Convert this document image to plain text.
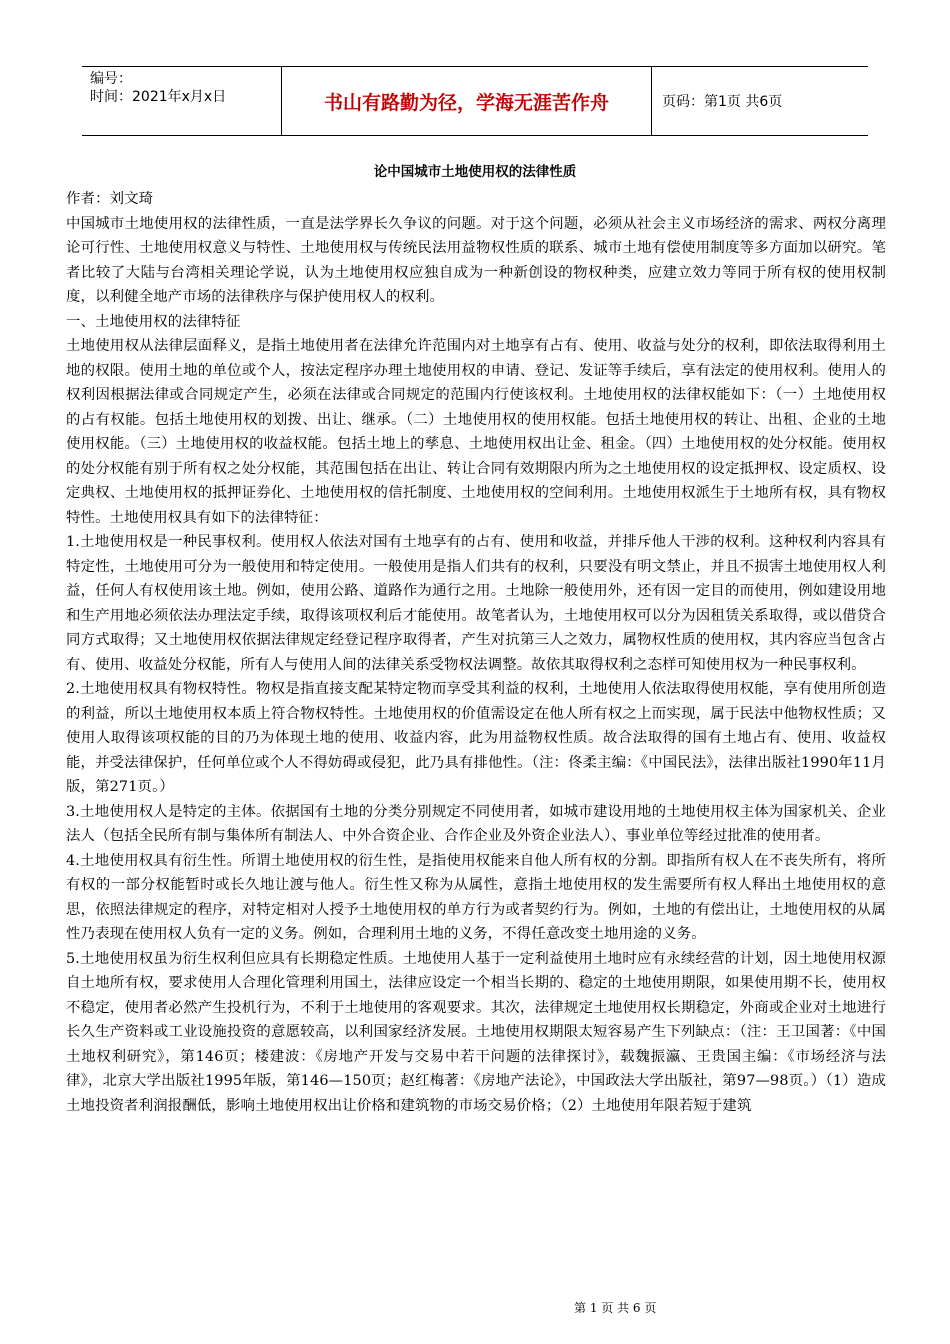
编号：
时间：2021年x月x日	书山有路勤为径，学海无涯苦作舟	页码：第1页 共6页
论中国城市土地使用权的法律性质

作者：刘文琦

中国城市土地使用权的法律性质，一直是法学界长久争议的问题。对于这个问题，必须从社会主义市场经济的需求、两权分离理论可行性、土地使用权意义与特性、土地使用权与传统民法用益物权性质的联系、城市土地有偿使用制度等多方面加以研究。笔者比较了大陆与台湾相关理论学说，认为土地使用权应独自成为一种新创设的物权种类，应建立效力等同于所有权的使用权制度，以利健全地产市场的法律秩序与保护使用权人的权利。

一、土地使用权的法律特征

土地使用权从法律层面释义，是指土地使用者在法律允许范围内对土地享有占有、使用、收益与处分的权利，即依法取得利用土地的权限。使用土地的单位或个人，按法定程序办理土地使用权的申请、登记、发证等手续后，享有法定的使用权利。使用人的权利因根据法律或合同规定产生，必须在法律或合同规定的范围内行使该权利。土地使用权的法律权能如下：（一）土地使用权的占有权能。包括土地使用权的划拨、出让、继承。（二）土地使用权的使用权能。包括土地使用权的转让、出租、企业的土地使用权能。（三）土地使用权的收益权能。包括土地上的孳息、土地使用权出让金、租金。（四）土地使用权的处分权能。使用权的处分权能有别于所有权之处分权能，其范围包括在出让、转让合同有效期限内所为之土地使用权的设定抵押权、设定质权、设定典权、土地使用权的抵押证券化、土地使用权的信托制度、土地使用权的空间利用。土地使用权派生于土地所有权，具有物权特性。土地使用权具有如下的法律特征：

1.土地使用权是一种民事权利。使用权人依法对国有土地享有的占有、使用和收益，并排斥他人干涉的权利。这种权利内容具有特定性，土地使用可分为一般使用和特定使用。一般使用是指人们共有的权利，只要没有明文禁止，并且不损害土地使用权人利益，任何人有权使用该土地。例如，使用公路、道路作为通行之用。土地除一般使用外，还有因一定目的而使用，例如建设用地和生产用地必须依法办理法定手续，取得该项权利后才能使用。故笔者认为，土地使用权可以分为因租赁关系取得，或以借贷合同方式取得；又土地使用权依据法律规定经登记程序取得者，产生对抗第三人之效力，属物权性质的使用权，其内容应当包含占有、使用、收益处分权能，所有人与使用人间的法律关系受物权法调整。故依其取得权利之态样可知使用权为一种民事权利。

2.土地使用权具有物权特性。物权是指直接支配某特定物而享受其利益的权利，土地使用人依法取得使用权能，享有使用所创造的利益，所以土地使用权本质上符合物权特性。土地使用权的价值需设定在他人所有权之上而实现，属于民法中他物权性质；又使用人取得该项权能的目的乃为体现土地的使用、收益内容，此为用益物权性质。故合法取得的国有土地占有、使用、收益权能，并受法律保护，任何单位或个人不得妨碍或侵犯，此乃具有排他性。（注：佟柔主编：《中国民法》，法律出版社1990年11月版，第271页。）

3.土地使用权人是特定的主体。依据国有土地的分类分别规定不同使用者，如城市建设用地的土地使用权主体为国家机关、企业法人（包括全民所有制与集体所有制法人、中外合资企业、合作企业及外资企业法人）、事业单位等经过批准的使用者。

4.土地使用权具有衍生性。所谓土地使用权的衍生性，是指使用权能来自他人所有权的分割。即指所有权人在不丧失所有，将所有权的一部分权能暂时或长久地让渡与他人。衍生性又称为从属性，意指土地使用权的发生需要所有权人释出土地使用权的意思，依照法律规定的程序，对特定相对人授予土地使用权的单方行为或者契约行为。例如，土地的有偿出让，土地使用权的从属性乃表现在使用权人负有一定的义务。例如，合理利用土地的义务，不得任意改变土地用途的义务。

5.土地使用权虽为衍生权利但应具有长期稳定性质。土地使用人基于一定利益使用土地时应有永续经营的计划，因土地使用权源自土地所有权，要求使用人合理化管理利用国土，法律应设定一个相当长期的、稳定的土地使用期限，如果使用期不长，使用权不稳定，使用者必然产生投机行为，不利于土地使用的客观要求。其次，法律规定土地使用权长期稳定，外商或企业对土地进行长久生产资料或工业设施投资的意愿较高，以利国家经济发展。土地使用权期限太短容易产生下列缺点：（注：王卫国著：《中国土地权利研究》，第146页；楼建波：《房地产开发与交易中若干问题的法律探讨》，载魏振瀛、王贵国主编：《市场经济与法律》，北京大学出版社1995年版，第146—150页；赵红梅著：《房地产法论》，中国政法大学出版社，第97—98页。）（1）造成土地投资者利润报酬低，影响土地使用权出让价格和建筑物的市场交易价格；（2）土地使用年限若短于建筑

第 1 页 共 6 页
